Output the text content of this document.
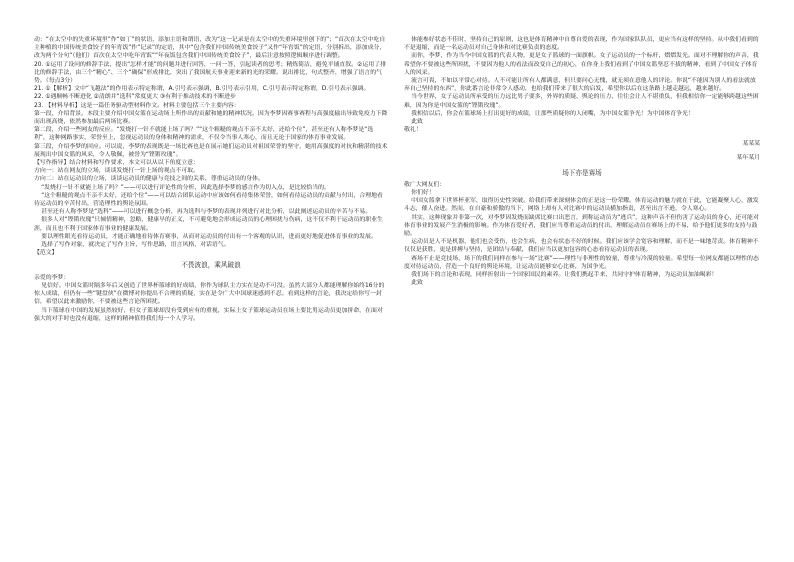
动：“在太空中的失重环境里”作“如丁”的状语，添加主语和谓语，改为“这一记录是在太空中的失重环境里创下的”；“首次在太空中吃自主种植的中国传统美食饺子的年宵饭”作“记录”的定语，其中“包含我们中国传统美食饺子”又作“年宵饭”的定语，分别拆出，添加成分，改为两个分句“（他们）首次在太空中吃年宵饭”“年夜饭包含我们中国传统美食饺子”，最后注意按照逻辑顺序进行调整。

20. ①运用了设问的修辞手法，提出“怎样才能”的问题并进行回答，一问一答，引起读者的思考；精炼简洁，避免平铺直叙。②运用了排比的修辞手法，由三个“精心”、三个“确保”形成排比，突出了我国航天事业迎来新的光的荣耀。说出排比，句式整齐，增强了语言的气势。（每点3分）

21. ①【解析】文中“飞越法”的作用表示特定称谓，A.引号表示强调，B.引号表示引用，C.引号表示特定称谓，D.引号表示强调。

22. ①遇顺畅不断进化 ②清朗并“选科”常度更大 ③有利于推动技术的不断进步

23. 【材料导析】这是一篇任务驱动型材料作文。材料主要包括三个主要内容：

第一段，介绍背景。本段主要介绍中国女篮在运动场上所作出的贡献和她的精神状况。因为李梦因赛事赛程与高强度输出导致免疫力下降而出现高烧，依然参加最后两场比赛。

第二段，介绍一些网友的反应。“发烧打一针不就能上场了吗？”“这个粗糙的观点不亲不太好，还给个位”，甚至还有人称李梦是“选利”，这种网路事实，荣誉至上，忽视运动员的身体和精神的需求，不仅令当事人寒心，而且无论于国家的体育事业发展。

第三段，介绍李梦的回应。可以说，李梦的表现既是一场比赛也是在展示她们运动员对祖国荣誉的坚守，她用高强度的对抗和精湛的技术展现出中国女篮的风采，令人敬佩，被誉为“铿锵玫瑰”。

【写作指导】结合材料和写作要求，本文可以从以下角度立意：

方向一：站在网友的立场，谈谈发烧打一针上场的观点不可取。

方向二：站在运动员的立场，谈谈运动员的健康与竞技之间的关系，尊重运动员的身体。

“发烧打一针不就能上场了吗？”——可以进行评论性的分析，因此选择李梦的感言作为切入点，是比较恰当的。

“这个粗糙的观点不亲不太好，还给个位”——可以结合团队运动中应该如何看待集体荣誉，如何看待运动员的贡献与付出，合理地看待运动员的辛苦付出，营造理性的舆论氛围。

甚至还有人称李梦是“选科”——可以进行概念分析，再为选科与李梦的表现并列进行对比分析，以此阐述运动员的辛苦与不易。

很多人对“铿锵玫瑰”只倾情精神，忽略，健康早的正义，不可避免地会形成运动员的心理困扰与伤病，这不仅不利于运动员的职业生涯，而且也不利于国家体育事业的健康发展。

要以理性眼光看待运动员，才能正确地看待体育赛事，从而对运动员的付出有一个客观的认识，进而更好地促进体育事业的发展。

选择了写作对象，就决定了写作主旨，写作思路，语言风格，对话语气。

【范文】

不畏波浪，乘风破浪

亲爱的李梦：

见信好。中国女篮时隔多年后又创造了世界杯篮球的好成绩，你作为球队主力实在是功不可没。虽然大部分人都能理解你始终16分的惊人成绩，但仍有一些“键盘侠”在微博对你提出不合理的质疑，实在是令广大中国球迷感到不忍。看到这样的言论，我决定给你写一封信，希望以此来激励你，不要被这些言论所困扰。

当下篮球在中国的发展虽然较好，但女子篮球却没有受到应有的重视，实际上女子篮球运动员在场上要比男运动员更加拼命，在面对强大的对手时也没有退缩，这样的精神值得我们每一个人学习。

体能参好状态不佳时，坚持自己的原则，这也是体育精神中自尊自爱的表现，作为国家队队员，更应当有这样的坚持。从中我们看到的不是退缩，而是一名运动员对自己身体和对比赛负责的态度。

而你，李梦，作为当今中国女篮的代表人物，更是女子篮球的一面旗帜。女子运动员的一个标杆，熠熠发光。面对不理解你的声音，我希望你不要被这些所困扰，不要因为他人的看法而改变自己的初心，在你身上我们看到了中国女篮坚忍不拔的精神，看到了中国女子体育人的风采。

流言可畏，不如以平常心对待。人不可能让所有人都满意，但只要问心无愧，就无须在意他人的评论。你说“不能因为别人的看法就放弃自己坚持的东西”，你此番言论非常令人感动，也给我们带来了很大的启发，希望你以后在这条路上越走越远，越来越好。

当今世界，女子运动员所承受的压力远比男子要多，外界的质疑、舆论的压力，往往会让人不堪重负，但我相信你一定能够跨越这些困难，因为你是中国女篮的“铿锵玫瑰”。

我相信以后，你会在篮球场上打出更好的成绩，让那些质疑你的人闭嘴，为中国女篮争光！为中国体育争光！

此致

敬礼！

某某某

某年某月

场下亦是赛场

敬广大网友们：

你们好！

中国女篮拿下世界杯亚军，取得历史性突破。给我们带来深刻体会的正是这一份荣耀。体育运动的魅力就在于此，它能凝聚人心，激发斗志，催人奋进。然而，在自豪和骄傲的当下，网络上却有人对比赛中的运动员横加指责，甚至出言不逊，令人寒心。

其实，这种现象并非第一次，对李梦因发烧而缺席比赛口出恶言，到称运动员为“逃兵”，这种声音不但伤害了运动员的身心，还可能对体育事业的发展产生消极的影响。作为体育爱好者，我们应当尊重运动员的付出，理解运动员在赛场上的不易，给予他们更多的支持与鼓励。

运动员是人不是机器，他们也会受伤，也会生病，也会有状态不好的时候。我们应该学会宽容和理解，而不是一味地苛责。体育精神不仅仅是获胜，更是拼搏与坚持，是团结与奉献，我们应当以更加包容的心态看待运动员的表现。

赛场不止是竞技场，场下的我们同样在参与一场“比赛”——理性与非理性的较量，尊重与冷漠的较量。希望每一位网友都能以理性的态度对待运动员，营造一个良好的舆论环境，让运动员能够安心比赛，为国争光。

我们场下的言论和表现，同样折射出一个国家国民的素养。让我们携起手来，共同守护体育精神，为运动员加油喝彩！

此致
